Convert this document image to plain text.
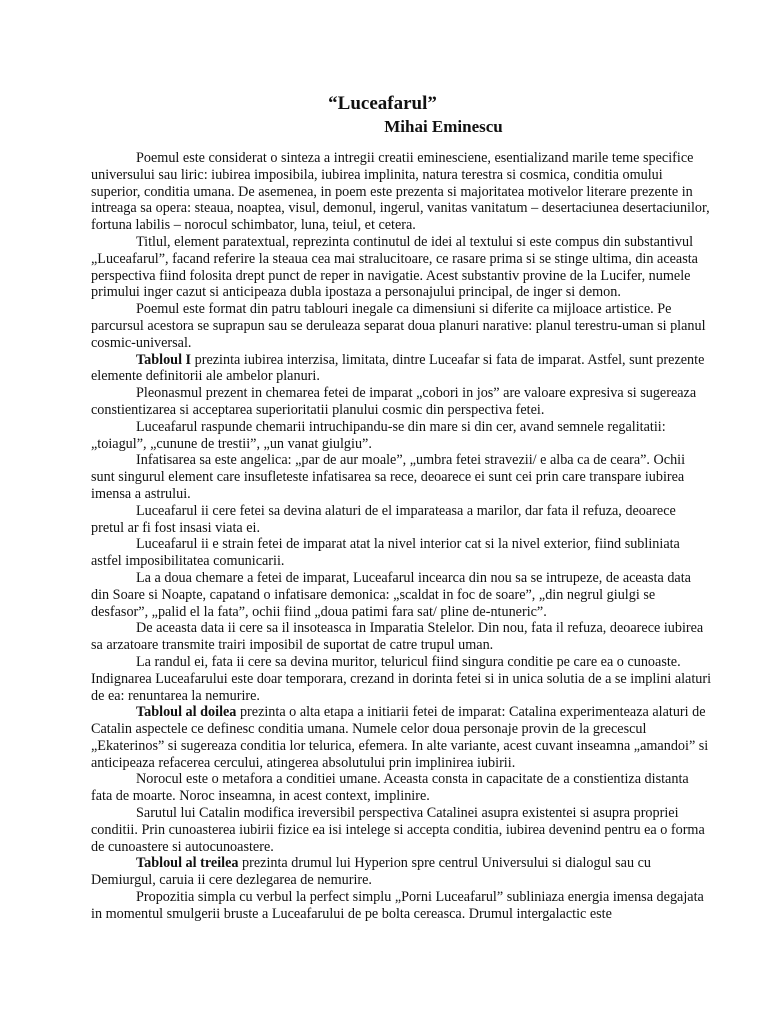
“Luceafarul”
Mihai Eminescu

Poemul este considerat o sinteza a intregii creatii eminesciene, esentializand marile teme specifice universului sau liric: iubirea imposibila, iubirea implinita, natura terestra si cosmica, conditia omului superior, conditia umana. De asemenea, in poem este prezenta si majoritatea motivelor literare prezente in intreaga sa opera: steaua, noaptea, visul, demonul, ingerul, vanitas vanitatum – desertaciunea desertaciunilor, fortuna labilis – norocul schimbator, luna, teiul, et cetera.

Titlul, element paratextual, reprezinta continutul de idei al textului si este compus din substantivul „Luceafarul”, facand referire la steaua cea mai stralucitoare, ce rasare prima si se stinge ultima, din aceasta perspectiva fiind folosita drept punct de reper in navigatie. Acest substantiv provine de la Lucifer, numele primului inger cazut si anticipeaza dubla ipostaza a personajului principal, de inger si demon.

Poemul este format din patru tablouri inegale ca dimensiuni si diferite ca mijloace artistice. Pe parcursul acestora se suprapun sau se deruleaza separat doua planuri narative: planul terestru-uman si planul cosmic-universal.

Tabloul I prezinta iubirea interzisa, limitata, dintre Luceafar si fata de imparat. Astfel, sunt prezente elemente definitorii ale ambelor planuri.

Pleonasmul prezent in chemarea fetei de imparat „cobori in jos” are valoare expresiva si sugereaza constientizarea si acceptarea superioritatii planului cosmic din perspectiva fetei.

Luceafarul raspunde chemarii intruchipandu-se din mare si din cer, avand semnele regalitatii: „toiagul”, „cunune de trestii”, „un vanat giulgiu”.

Infatisarea sa este angelica: „par de aur moale”, „umbra fetei stravezii/ e alba ca de ceara”. Ochii sunt singurul element care insufleteste infatisarea sa rece, deoarece ei sunt cei prin care transpare iubirea imensa a astrului.

Luceafarul ii cere fetei sa devina alaturi de el imparateasa a marilor, dar fata il refuza, deoarece pretul ar fi fost insasi viata ei.

Luceafarul ii e strain fetei de imparat atat la nivel interior cat si la nivel exterior, fiind subliniata astfel imposibilitatea comunicarii.

La a doua chemare a fetei de imparat, Luceafarul incearca din nou sa se intrupeze, de aceasta data din Soare si Noapte, capatand o infatisare demonica: „scaldat in foc de soare”, „din negrul giulgi se desfasor”, „palid el la fata”, ochii fiind „doua patimi fara sat/ pline de-ntuneric”.

De aceasta data ii cere sa il insoteasca in Imparatia Stelelor. Din nou, fata il refuza, deoarece iubirea sa arzatoare transmite trairi imposibil de suportat de catre trupul uman.

La randul ei, fata ii cere sa devina muritor, teluricul fiind singura conditie pe care ea o cunoaste. Indignarea Luceafarului este doar temporara, crezand in dorinta fetei si in unica solutia de a se implini alaturi de ea: renuntarea la nemurire.

Tabloul al doilea prezinta o alta etapa a initiarii fetei de imparat: Catalina experimenteaza alaturi de Catalin aspectele ce definesc conditia umana. Numele celor doua personaje provin de la grecescul „Ekaterinos” si sugereaza conditia lor telurica, efemera. In alte variante, acest cuvant inseamna „amandoi” si anticipeaza refacerea cercului, atingerea absolutului prin implinirea iubirii.

Norocul este o metafora a conditiei umane. Aceasta consta in capacitate de a constientiza distanta fata de moarte. Noroc inseamna, in acest context, implinire.

Sarutul lui Catalin modifica ireversibil perspectiva Catalinei asupra existentei si asupra propriei conditii. Prin cunoasterea iubirii fizice ea isi intelege si accepta conditia, iubirea devenind pentru ea o forma de cunoastere si autocunoastere.

Tabloul al treilea prezinta drumul lui Hyperion spre centrul Universului si dialogul sau cu Demiurgul, caruia ii cere dezlegarea de nemurire.

Propozitia simpla cu verbul la perfect simplu „Porni Luceafarul” subliniaza energia imensa degajata in momentul smulgerii bruste a Luceafarului de pe bolta cereasca. Drumul intergalactic este
